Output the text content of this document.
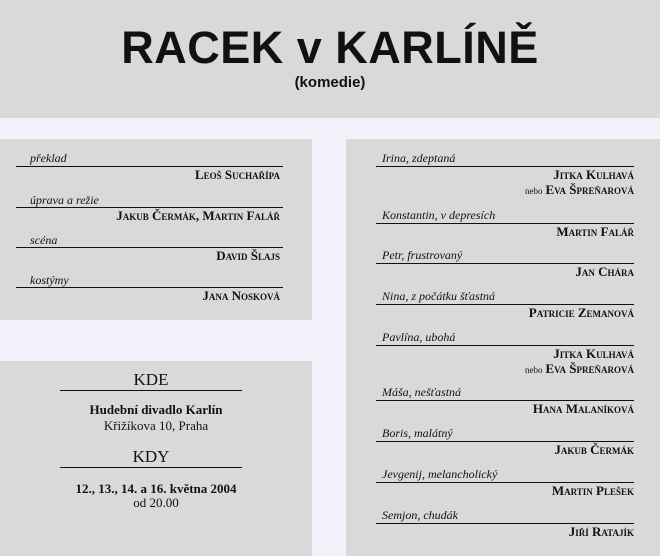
RACEK v KARLÍNĚ
(komedie)
překlad
Leoš Suchařípa
úprava a režie
Jakub Čermák, Martin Falář
scéna
David Šlajs
kostýmy
Jana Nosková
KDE
Hudební divadlo Karlín
Křižíkova 10, Praha
KDY
12., 13., 14. a 16. května 2004
od 20.00
Irina, zdeptaná
Jitka Kulhavá
nebo Eva Špreňarová
Konstantin, v depresích
Martin Falář
Petr, frustrovaný
Jan Chára
Nina, z počátku šťastná
Patricie Zemanová
Pavlína, ubohá
Jitka Kulhavá
nebo Eva Špreňarová
Máša, nešťastná
Hana Malaníková
Boris, malátný
Jakub Čermák
Jevgenij, melancholický
Martin Plešek
Semjon, chudák
Jiří Ratajík
